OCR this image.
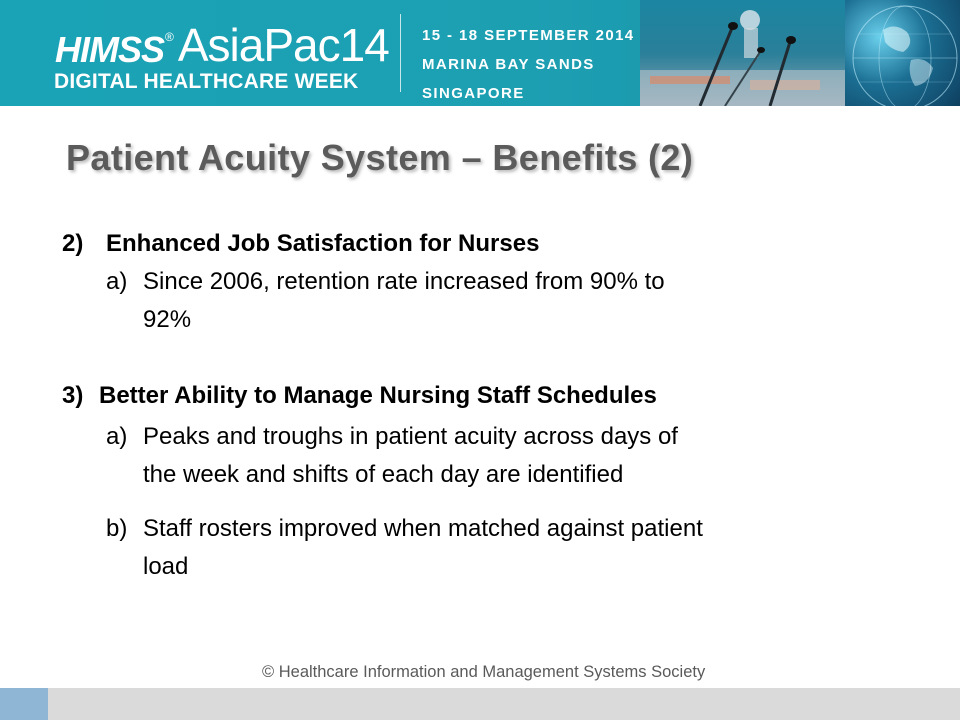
HIMSS ® AsiaPac14
DIGITAL HEALTHCARE WEEK
15 - 18 SEPTEMBER 2014
MARINA BAY SANDS
SINGAPORE
Patient Acuity System – Benefits (2)
2) Enhanced Job Satisfaction for Nurses
a) Since 2006, retention rate increased from 90% to
92%
3) Better Ability to Manage Nursing Staff Schedules
a) Peaks and troughs in patient acuity across days of
the week and shifts of each day are identified
b) Staff rosters improved when matched against patient
load
© Healthcare Information and Management Systems Society
